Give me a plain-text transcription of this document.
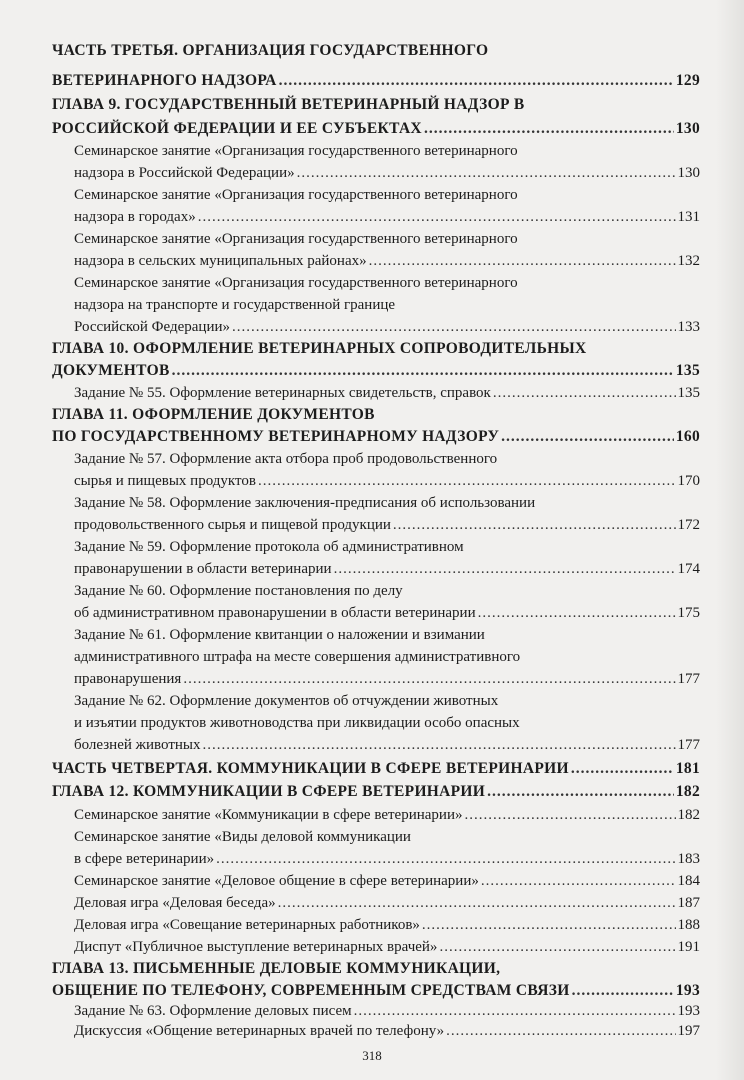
ЧАСТЬ ТРЕТЬЯ. ОРГАНИЗАЦИЯ ГОСУДАРСТВЕННОГО
ВЕТЕРИНАРНОГО НАДЗОРА .....	129
ГЛАВА 9. ГОСУДАРСТВЕННЫЙ ВЕТЕРИНАРНЫЙ НАДЗОР В
РОССИЙСКОЙ ФЕДЕРАЦИИ И ЕЕ СУБЪЕКТАХ .....	130
Семинарское занятие «Организация государственного ветеринарного
надзора в Российской Федерации» .....	130
Семинарское занятие «Организация государственного ветеринарного
надзора в городах» .....	131
Семинарское занятие «Организация государственного ветеринарного
надзора в сельских муниципальных районах» .....	132
Семинарское занятие «Организация государственного ветеринарного
надзора на транспорте и государственной границе
Российской Федерации» .....	133
ГЛАВА 10. ОФОРМЛЕНИЕ ВЕТЕРИНАРНЫХ СОПРОВОДИТЕЛЬНЫХ
ДОКУМЕНТОВ .....	135
Задание № 55. Оформление ветеринарных свидетельств, справок .....	135
ГЛАВА 11. ОФОРМЛЕНИЕ ДОКУМЕНТОВ
ПО ГОСУДАРСТВЕННОМУ ВЕТЕРИНАРНОМУ НАДЗОРУ .....	160
Задание № 57. Оформление акта отбора проб продовольственного
сырья и пищевых продуктов .....	170
Задание № 58. Оформление заключения-предписания об использовании
продовольственного сырья и пищевой продукции .....	172
Задание № 59. Оформление протокола об административном
правонарушении в области ветеринарии .....	174
Задание № 60. Оформление постановления по делу
об административном правонарушении в области ветеринарии .....	175
Задание № 61. Оформление квитанции о наложении и взимании
административного штрафа на месте совершения административного
правонарушения .....	177
Задание № 62. Оформление документов об отчуждении животных
и изъятии продуктов животноводства при ликвидации особо опасных
болезней животных .....	177
ЧАСТЬ ЧЕТВЕРТАЯ. КОММУНИКАЦИИ В СФЕРЕ ВЕТЕРИНАРИИ .....	181
ГЛАВА 12. КОММУНИКАЦИИ В СФЕРЕ ВЕТЕРИНАРИИ .....	182
Семинарское занятие «Коммуникации в сфере ветеринарии» .....	182
Семинарское занятие «Виды деловой коммуникации
в сфере ветеринарии» .....	183
Семинарское занятие «Деловое общение в сфере ветеринарии» .....	184
Деловая игра «Деловая беседа» .....	187
Деловая игра «Совещание ветеринарных работников» .....	188
Диспут «Публичное выступление ветеринарных врачей» .....	191
ГЛАВА 13. ПИСЬМЕННЫЕ ДЕЛОВЫЕ КОММУНИКАЦИИ,
ОБЩЕНИЕ ПО ТЕЛЕФОНУ, СОВРЕМЕННЫМ СРЕДСТВАМ СВЯЗИ .....	193
Задание № 63. Оформление деловых писем .....	193
Дискуссия «Общение ветеринарных врачей по телефону» .....	197
318
